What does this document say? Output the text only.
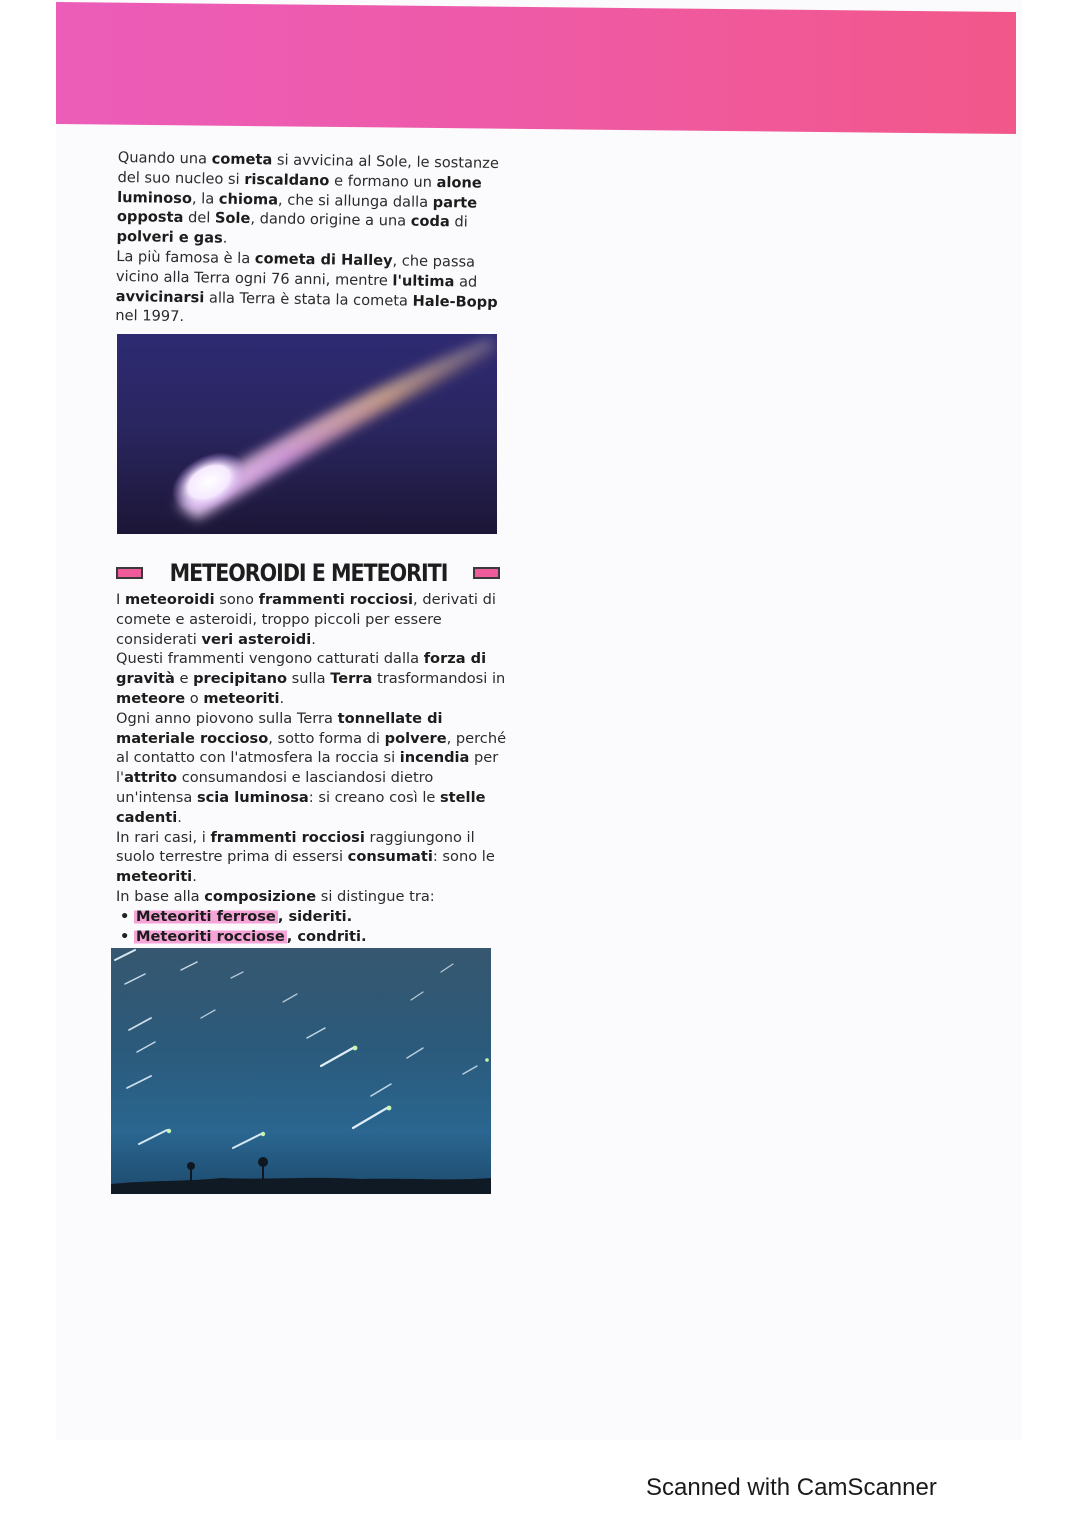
Quando una cometa si avvicina al Sole, le sostanze del suo nucleo si riscaldano e formano un alone luminoso, la chioma, che si allunga dalla parte opposta del Sole, dando origine a una coda di polveri e gas.

La più famosa è la cometa di Halley, che passa vicino alla Terra ogni 76 anni, mentre l'ultima ad avvicinarsi alla Terra è stata la cometa Hale-Bopp nel 1997.

METEOROIDI E METEORITI

I meteoroidi sono frammenti rocciosi, derivati di comete e asteroidi, troppo piccoli per essere considerati veri asteroidi.

Questi frammenti vengono catturati dalla forza di gravità e precipitano sulla Terra trasformandosi in meteore o meteoriti.

Ogni anno piovono sulla Terra tonnellate di materiale roccioso, sotto forma di polvere, perché al contatto con l'atmosfera la roccia si incendia per l'attrito consumandosi e lasciandosi dietro un'intensa scia luminosa: si creano così le stelle cadenti.

In rari casi, i frammenti rocciosi raggiungono il suolo terrestre prima di essersi consumati: sono le meteoriti.

In base alla composizione si distingue tra:

• Meteoriti ferrose , sideriti.
• Meteoriti rocciose , condriti.
Scanned with CamScanner
